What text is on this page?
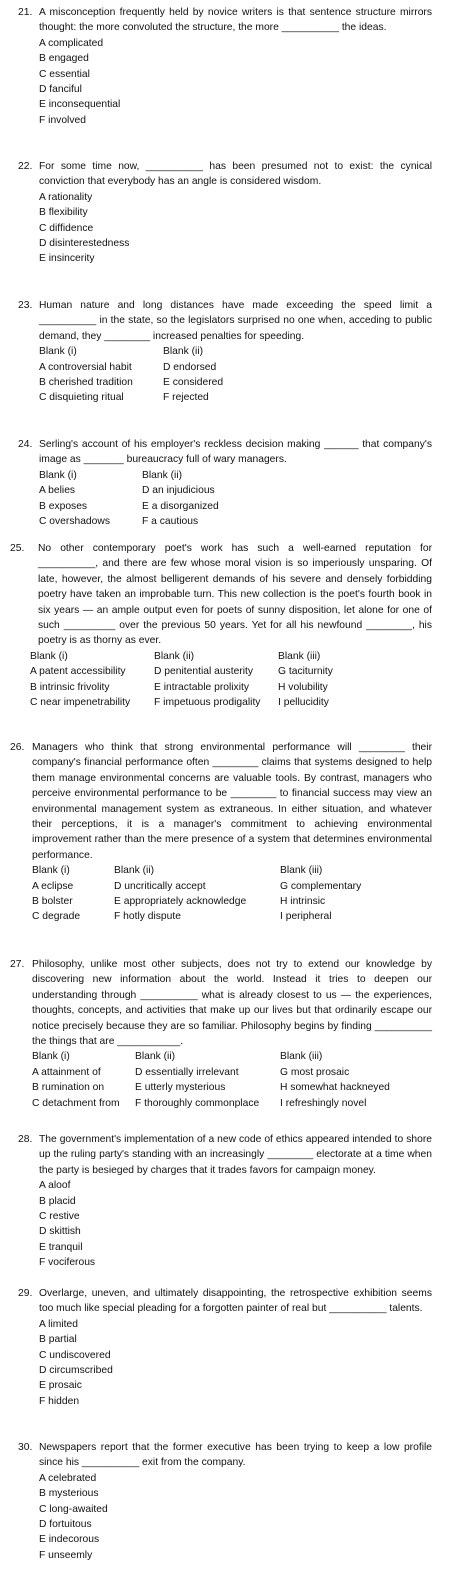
21. A misconception frequently held by novice writers is that sentence structure mirrors thought: the more convoluted the structure, the more __________ the ideas.
A complicated
B engaged
C essential
D fanciful
E inconsequential
F involved
22. For some time now, __________ has been presumed not to exist: the cynical conviction that everybody has an angle is considered wisdom.
A rationality
B flexibility
C diffidence
D disinterestedness
E insincerity
23. Human nature and long distances have made exceeding the speed limit a __________ in the state, so the legislators surprised no one when, acceding to public demand, they ________ increased penalties for speeding.
Blank (i)	Blank (ii)
A controversial habit	D endorsed
B cherished tradition	E considered
C disquieting ritual	F rejected
24. Serling's account of his employer's reckless decision making ______ that company's image as _______ bureaucracy full of wary managers.
Blank (i)	Blank (ii)
A belies	D an injudicious
B exposes	E a disorganized
C overshadows	F a cautious
25. No other contemporary poet's work has such a well-earned reputation for __________, and there are few whose moral vision is so imperiously unsparing. Of late, however, the almost belligerent demands of his severe and densely forbidding poetry have taken an improbable turn. This new collection is the poet's fourth book in six years — an ample output even for poets of sunny disposition, let alone for one of such _________ over the previous 50 years. Yet for all his newfound ________, his poetry is as thorny as ever.
Blank (i)	Blank (ii)	Blank (iii)
A patent accessibility	D penitential austerity	G taciturnity
B intrinsic frivolity	E intractable prolixity	H volubility
C near impenetrability	F impetuous prodigality	I pellucidity
26. Managers who think that strong environmental performance will ________ their company's financial performance often ________ claims that systems designed to help them manage environmental concerns are valuable tools. By contrast, managers who perceive environmental performance to be ________ to financial success may view an environmental management system as extraneous. In either situation, and whatever their perceptions, it is a manager's commitment to achieving environmental improvement rather than the mere presence of a system that determines environmental performance.
Blank (i)	Blank (ii)	Blank (iii)
A eclipse	D uncritically accept	G complementary
B bolster	E appropriately acknowledge	H intrinsic
C degrade	F hotly dispute	I peripheral
27. Philosophy, unlike most other subjects, does not try to extend our knowledge by discovering new information about the world. Instead it tries to deepen our understanding through __________ what is already closest to us — the experiences, thoughts, concepts, and activities that make up our lives but that ordinarily escape our notice precisely because they are so familiar. Philosophy begins by finding __________ the things that are ___________.
Blank (i)	Blank (ii)	Blank (iii)
A attainment of	D essentially irrelevant	G most prosaic
B rumination on	E utterly mysterious	H somewhat hackneyed
C detachment from	F thoroughly commonplace	I refreshingly novel
28. The government's implementation of a new code of ethics appeared intended to shore up the ruling party's standing with an increasingly ________ electorate at a time when the party is besieged by charges that it trades favors for campaign money.
A aloof
B placid
C restive
D skittish
E tranquil
F vociferous
29. Overlarge, uneven, and ultimately disappointing, the retrospective exhibition seems too much like special pleading for a forgotten painter of real but __________ talents.
A limited
B partial
C undiscovered
D circumscribed
E prosaic
F hidden
30. Newspapers report that the former executive has been trying to keep a low profile since his __________ exit from the company.
A celebrated
B mysterious
C long-awaited
D fortuitous
E indecorous
F unseemly
